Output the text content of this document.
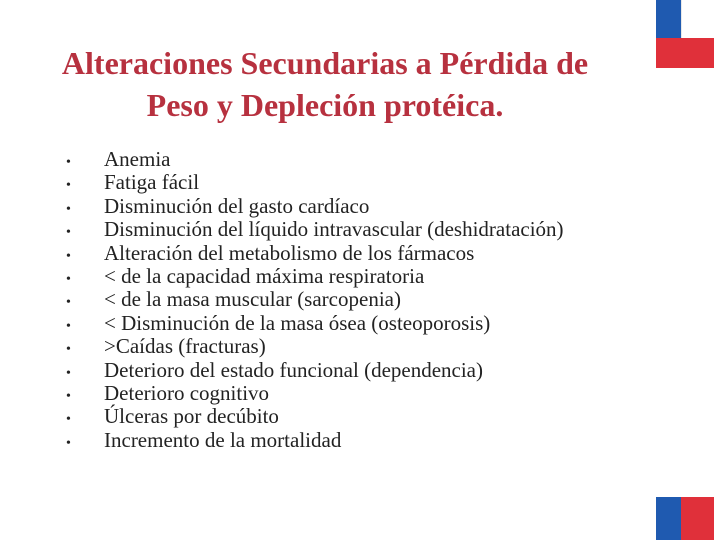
Alteraciones Secundarias a Pérdida de
Peso y Depleción protéica.
•	Anemia
•	Fatiga fácil
•	Disminución del gasto cardíaco
•	Disminución del líquido intravascular (deshidratación)
•	Alteración del metabolismo de los fármacos
•	< de la capacidad máxima respiratoria
•	< de la masa muscular (sarcopenia)
•	< Disminución de la masa ósea (osteoporosis)
•	>Caídas (fracturas)
•	Deterioro del estado funcional (dependencia)
•	Deterioro cognitivo
•	Úlceras por decúbito
•	Incremento de la mortalidad
